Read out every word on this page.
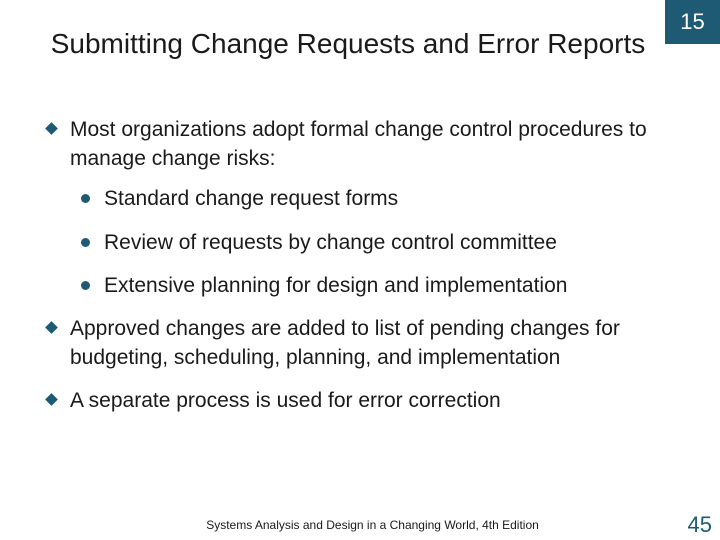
Submitting Change Requests and Error Reports
15
Most organizations adopt formal change control procedures to manage change risks:
Standard change request forms
Review of requests by change control committee
Extensive planning for design and implementation
Approved changes are added to list of pending changes for budgeting, scheduling, planning, and implementation
A separate process is used for error correction
Systems Analysis and Design in a Changing World, 4th Edition	45
